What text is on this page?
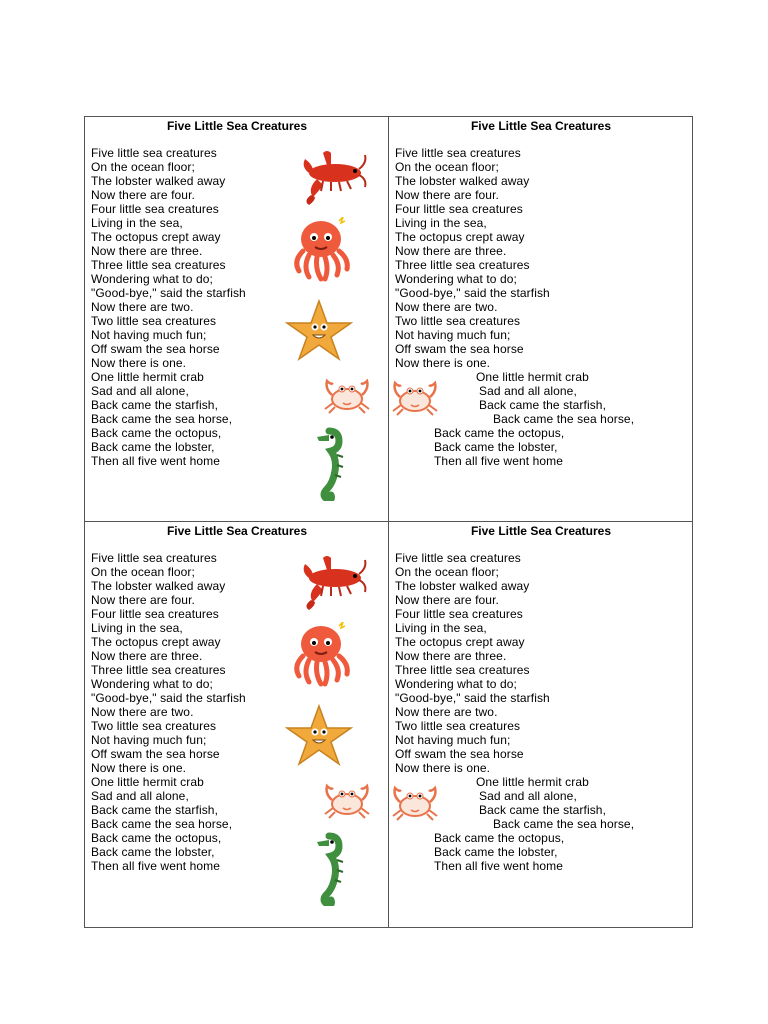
Five Little Sea Creatures
Five little sea creatures
On the ocean floor;
The lobster walked away
Now there are four.
Four little sea creatures
Living in the sea,
The octopus crept away
Now there are three.
Three little sea creatures
Wondering what to do;
"Good-bye," said the starfish
Now there are two.
Two little sea creatures
Not having much fun;
Off swam the sea horse
Now there is one.
One little hermit crab
Sad and all alone,
Back came the starfish,
Back came the sea horse,
Back came the octopus,
Back came the lobster,
Then all five went home
Five Little Sea Creatures
Five little sea creatures
On the ocean floor;
The lobster walked away
Now there are four.
Four little sea creatures
Living in the sea,
The octopus crept away
Now there are three.
Three little sea creatures
Wondering what to do;
"Good-bye," said the starfish
Now there are two.
Two little sea creatures
Not having much fun;
Off swam the sea horse
Now there is one.
One little hermit crab
Sad and all alone,
Back came the starfish,
Back came the sea horse,
Back came the octopus,
Back came the lobster,
Then all five went home
Five Little Sea Creatures
Five little sea creatures
On the ocean floor;
The lobster walked away
Now there are four.
Four little sea creatures
Living in the sea,
The octopus crept away
Now there are three.
Three little sea creatures
Wondering what to do;
"Good-bye," said the starfish
Now there are two.
Two little sea creatures
Not having much fun;
Off swam the sea horse
Now there is one.
One little hermit crab
Sad and all alone,
Back came the starfish,
Back came the sea horse,
Back came the octopus,
Back came the lobster,
Then all five went home
Five Little Sea Creatures
Five little sea creatures
On the ocean floor;
The lobster walked away
Now there are four.
Four little sea creatures
Living in the sea,
The octopus crept away
Now there are three.
Three little sea creatures
Wondering what to do;
"Good-bye," said the starfish
Now there are two.
Two little sea creatures
Not having much fun;
Off swam the sea horse
Now there is one.
One little hermit crab
Sad and all alone,
Back came the starfish,
Back came the sea horse,
Back came the octopus,
Back came the lobster,
Then all five went home
